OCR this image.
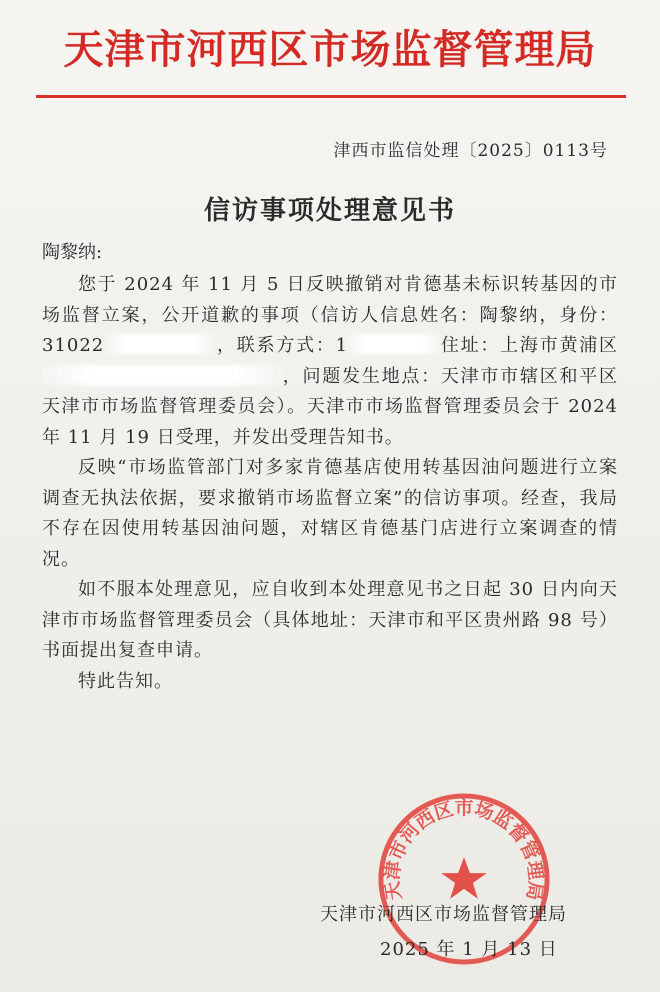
天津市河西区市场监督管理局
津西市监信处理〔2025〕0113号
信访事项处理意见书
陶黎纳:

您于 2024 年 11 月 5 日反映撤销对肯德基未标识转基因的市场监督立案，公开道歉的事项（信访人信息姓名：陶黎纳，身份：31022	，联系方式：1	住址：上海市黄浦区，问题发生地点：天津市市辖区和平区天津市市场监督管理委员会）。天津市市场监督管理委员会于 2024 年 11 月 19 日受理，并发出受理告知书。

反映“市场监管部门对多家肯德基店使用转基因油问题进行立案调查无执法依据，要求撤销市场监督立案”的信访事项。经查，我局不存在因使用转基因油问题，对辖区肯德基门店进行立案调查的情况。

如不服本处理意见，应自收到本处理意见书之日起 30 日内向天津市市场监督管理委员会（具体地址：天津市和平区贵州路 98 号）书面提出复查申请。

特此告知。

天津市河西区市场监督管理局
天津市河西区市场监督管理局
2025 年 1 月 13 日
